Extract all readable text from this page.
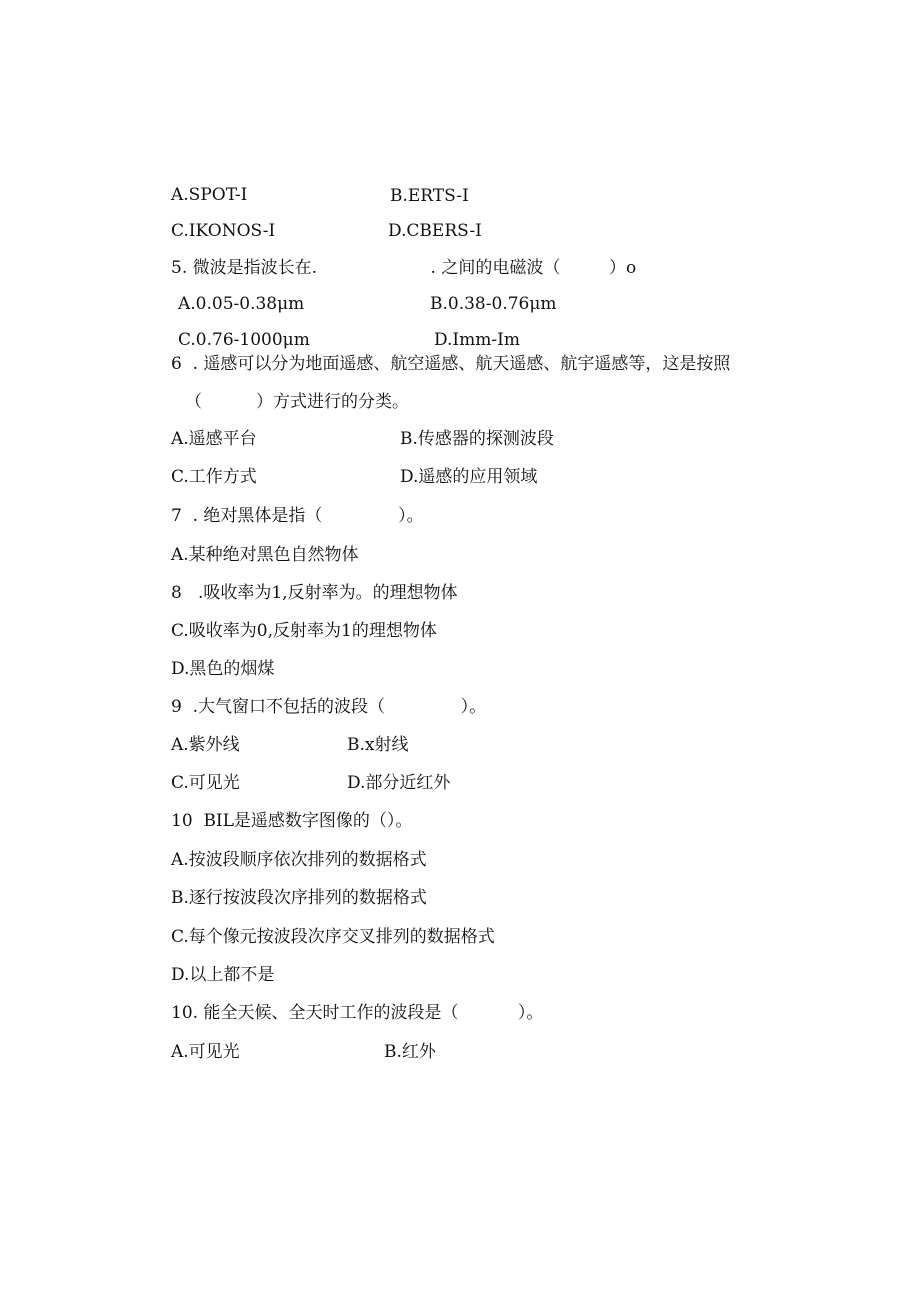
A.SPOT-I	B.ERTS-I
C.IKONOS-I	D.CBERS-I
5. 微波是指波长在.                     . 之间的电磁波（         ）o
A.0.05-0.38μm	B.0.38-0.76μm
C.0.76-1000μm	D.Imm-Im
6  . 遥感可以分为地面遥感、航空遥感、航天遥感、航宇遥感等，这是按照
（          ）方式进行的分类。
A.遥感平台	B.传感器的探测波段
C.工作方式	D.遥感的应用领域
7  . 绝对黑体是指（              ）。
A.某种绝对黑色自然物体
8   .吸收率为1,反射率为。的理想物体
C.吸收率为0,反射率为1的理想物体
D.黑色的烟煤
9  .大气窗口不包括的波段（              ）。
A.紫外线	B.x射线
C.可见光	D.部分近红外
10  BIL是遥感数字图像的（）。
A.按波段顺序依次排列的数据格式
B.逐行按波段次序排列的数据格式
C.每个像元按波段次序交叉排列的数据格式
D.以上都不是
10. 能全天候、全天时工作的波段是（           ）。
A.可见光	B.红外
